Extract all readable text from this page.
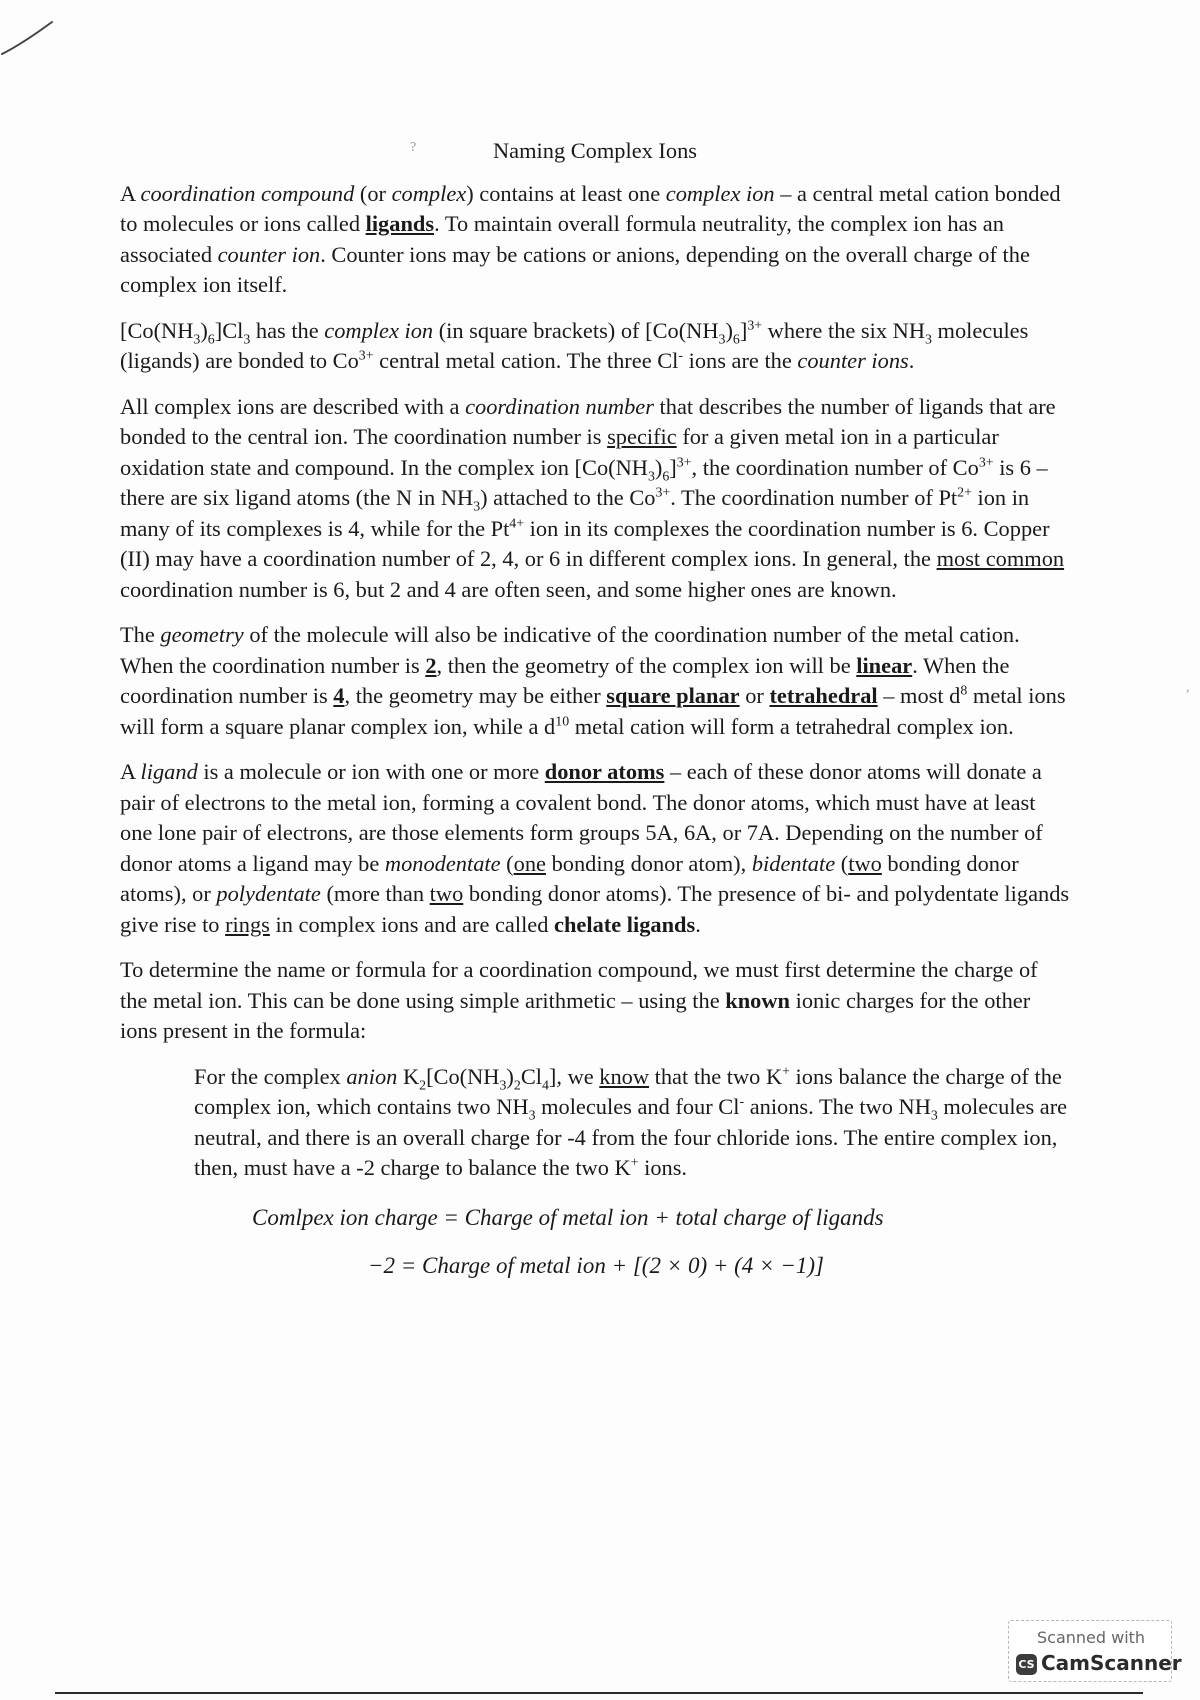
?
,
Naming Complex Ions

A coordination compound (or complex) contains at least one complex ion – a central metal cation bonded to molecules or ions called ligands. To maintain overall formula neutrality, the complex ion has an associated counter ion. Counter ions may be cations or anions, depending on the overall charge of the complex ion itself.

$[Co(NH_3)_6]Cl_3$ has the complex ion (in square brackets) of $[Co(NH_3)_6]^{3+}$ where the six $NH_3$ molecules (ligands) are bonded to $Co^{3+}$ central metal cation. The three Cl- ions are the counter ions.

All complex ions are described with a coordination number that describes the number of ligands that are bonded to the central ion. The coordination number is specific for a given metal ion in a particular oxidation state and compound. In the complex ion $[Co(NH_3)_6]^{3+}$, the coordination number of $Co^{3+}$ is 6 – there are six ligand atoms (the N in $NH_3$) attached to the $Co^{3+}$. The coordination number of $Pt^{2+}$ ion in many of its complexes is 4, while for the $Pt^{4+}$ ion in its complexes the coordination number is 6. Copper (II) may have a coordination number of 2, 4, or 6 in different complex ions. In general, the most common coordination number is 6, but 2 and 4 are often seen, and some higher ones are known.

The geometry of the molecule will also be indicative of the coordination number of the metal cation. When the coordination number is 2, then the geometry of the complex ion will be linear. When the coordination number is 4, the geometry may be either square planar or tetrahedral – most $d^8$ metal ions will form a square planar complex ion, while a $d^{10}$ metal cation will form a tetrahedral complex ion.

A ligand is a molecule or ion with one or more donor atoms – each of these donor atoms will donate a pair of electrons to the metal ion, forming a covalent bond. The donor atoms, which must have at least one lone pair of electrons, are those elements form groups 5A, 6A, or 7A. Depending on the number of donor atoms a ligand may be monodentate (one bonding donor atom), bidentate (two bonding donor atoms), or polydentate (more than two bonding donor atoms). The presence of bi- and polydentate ligands give rise to rings in complex ions and are called chelate ligands.

To determine the name or formula for a coordination compound, we must first determine the charge of the metal ion. This can be done using simple arithmetic – using the known ionic charges for the other ions present in the formula:

For the complex anion $K_2[Co(NH_3)_2Cl_4]$, we know that the two K+ ions balance the charge of the complex ion, which contains two $NH_3$ molecules and four Cl- anions. The two $NH_3$ molecules are neutral, and there is an overall charge for -4 from the four chloride ions. The entire complex ion, then, must have a -2 charge to balance the two K+ ions.

Comlpex ion charge = Charge of metal ion + total charge of ligands
−2 = Charge of metal ion + [(2 × 0) + (4 × −1)]
Scanned with
CS CamScanner
